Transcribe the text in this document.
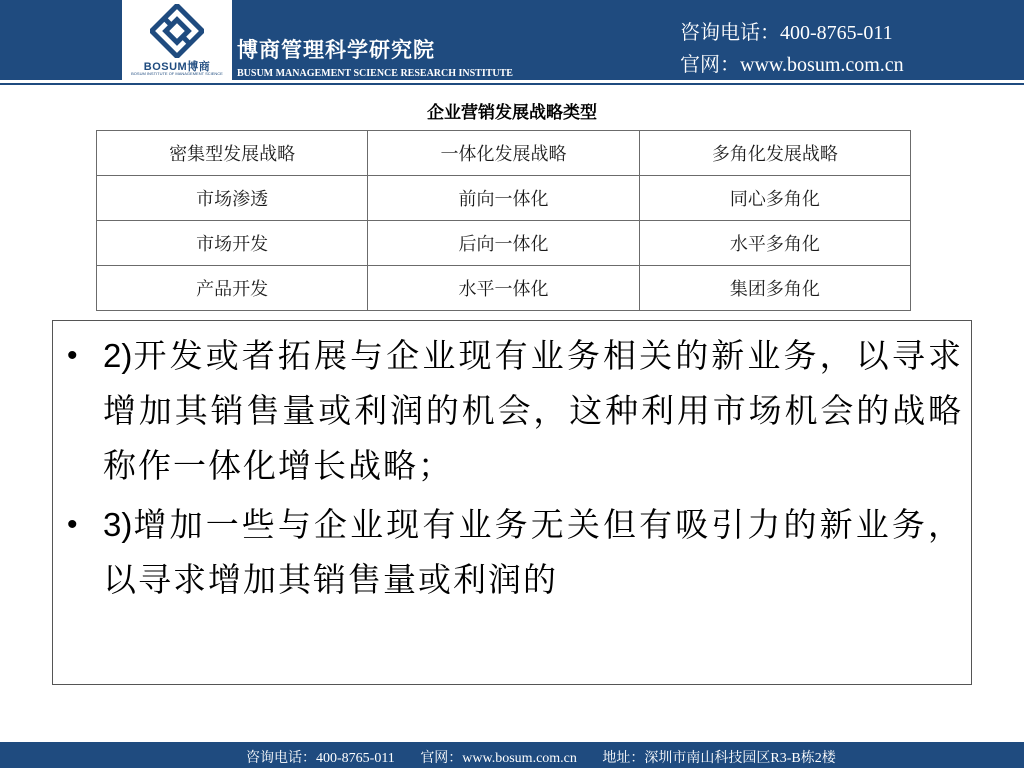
BOSUM博商
BOSUM INSTITUTE OF MANAGEMENT SCIENCE
博商管理科学研究院
BUSUM MANAGEMENT SCIENCE RESEARCH INSTITUTE
咨询电话：400-8765-011
官网：www.bosum.com.cn
企业营销发展战略类型
密集型发展战略	一体化发展战略	多角化发展战略
市场渗透	前向一体化	同心多角化
市场开发	后向一体化	水平多角化
产品开发	水平一体化	集团多角化
• 2)开发或者拓展与企业现有业务相关的新业务，以寻求增加其销售量或利润的机会，这种利用市场机会的战略称作一体化增长战略；
• 3)增加一些与企业现有业务无关但有吸引力的新业务，以寻求增加其销售量或利润的
咨询电话：400-8765-011 官网：www.bosum.com.cn 地址：深圳市南山科技园区R3-B栋2楼
